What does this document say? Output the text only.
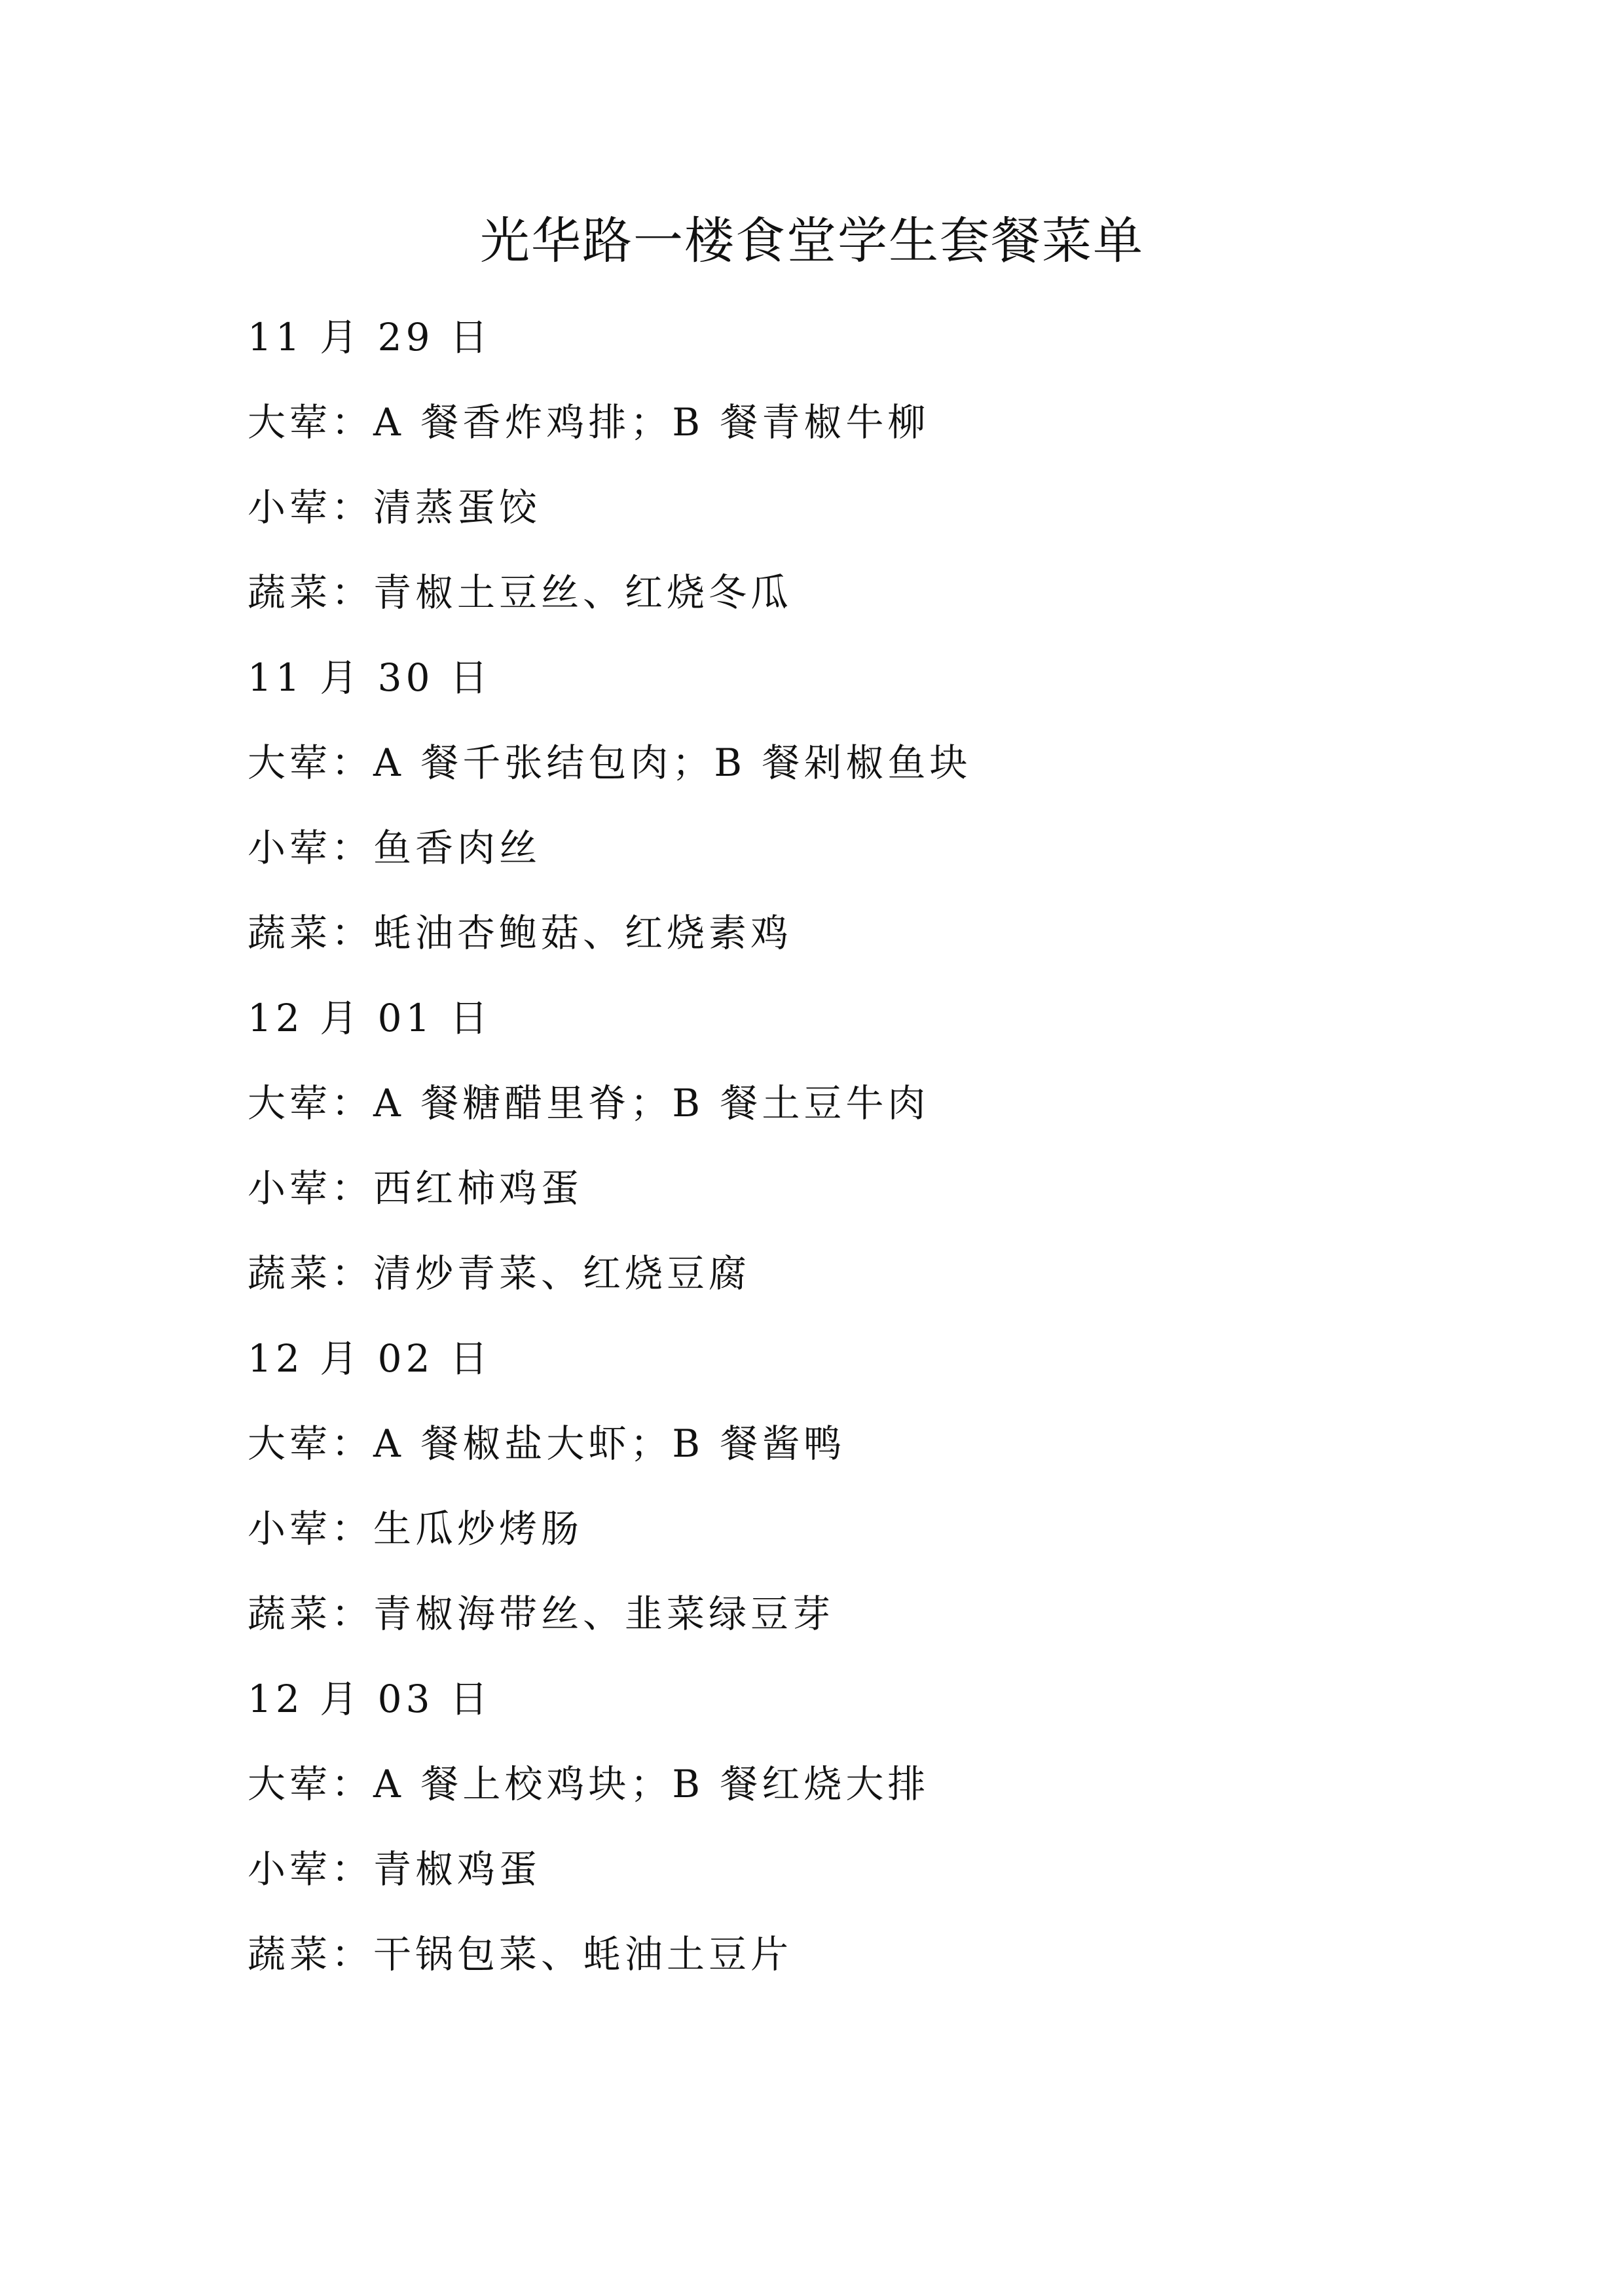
光华路一楼食堂学生套餐菜单
11 月 29 日
大荤：A 餐香炸鸡排；B 餐青椒牛柳
小荤：清蒸蛋饺
蔬菜：青椒土豆丝、红烧冬瓜
11 月 30 日
大荤：A 餐千张结包肉；B 餐剁椒鱼块
小荤：鱼香肉丝
蔬菜：蚝油杏鲍菇、红烧素鸡
12 月 01 日
大荤：A 餐糖醋里脊；B 餐土豆牛肉
小荤：西红柿鸡蛋
蔬菜：清炒青菜、红烧豆腐
12 月 02 日
大荤：A 餐椒盐大虾；B 餐酱鸭
小荤：生瓜炒烤肠
蔬菜：青椒海带丝、韭菜绿豆芽
12 月 03 日
大荤：A 餐上校鸡块；B 餐红烧大排
小荤：青椒鸡蛋
蔬菜：干锅包菜、蚝油土豆片
